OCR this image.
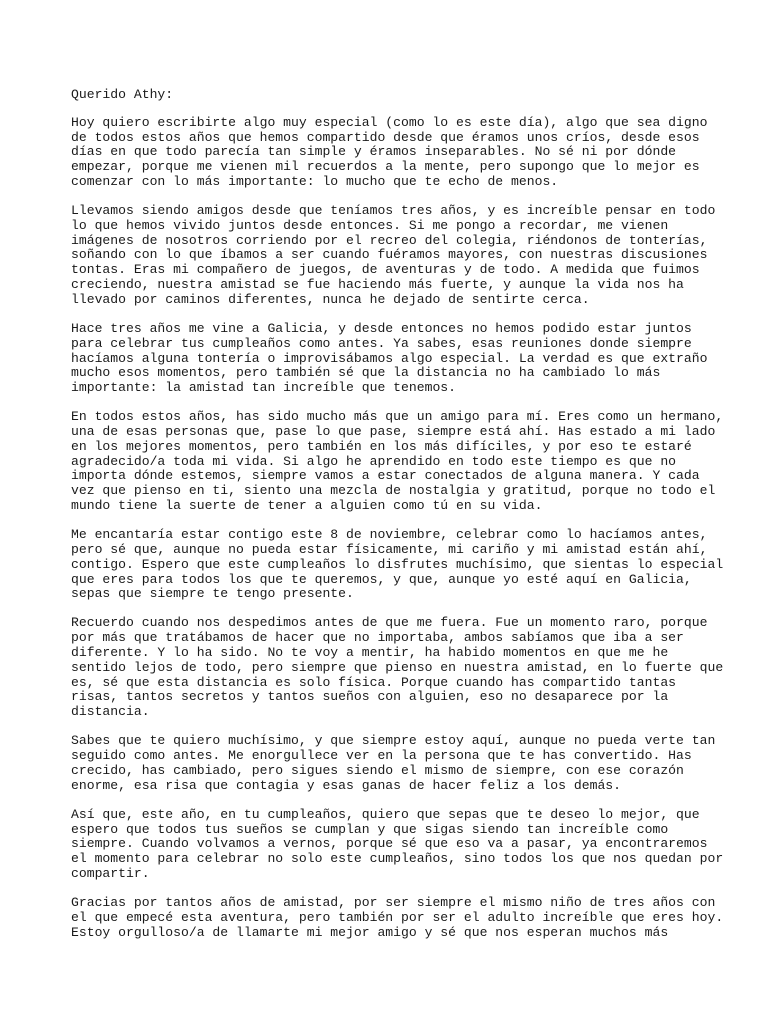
Querido Athy:
Hoy quiero escribirte algo muy especial (como lo es este día), algo que sea digno
de todos estos años que hemos compartido desde que éramos unos críos, desde esos
días en que todo parecía tan simple y éramos inseparables. No sé ni por dónde
empezar, porque me vienen mil recuerdos a la mente, pero supongo que lo mejor es
comenzar con lo más importante: lo mucho que te echo de menos.
Llevamos siendo amigos desde que teníamos tres años, y es increíble pensar en todo
lo que hemos vivido juntos desde entonces. Si me pongo a recordar, me vienen
imágenes de nosotros corriendo por el recreo del colegia, riéndonos de tonterías,
soñando con lo que íbamos a ser cuando fuéramos mayores, con nuestras discusiones
tontas. Eras mi compañero de juegos, de aventuras y de todo. A medida que fuimos
creciendo, nuestra amistad se fue haciendo más fuerte, y aunque la vida nos ha
llevado por caminos diferentes, nunca he dejado de sentirte cerca.
Hace tres años me vine a Galicia, y desde entonces no hemos podido estar juntos
para celebrar tus cumpleaños como antes. Ya sabes, esas reuniones donde siempre
hacíamos alguna tontería o improvisábamos algo especial. La verdad es que extraño
mucho esos momentos, pero también sé que la distancia no ha cambiado lo más
importante: la amistad tan increíble que tenemos.
En todos estos años, has sido mucho más que un amigo para mí. Eres como un hermano,
una de esas personas que, pase lo que pase, siempre está ahí. Has estado a mi lado
en los mejores momentos, pero también en los más difíciles, y por eso te estaré
agradecido/a toda mi vida. Si algo he aprendido en todo este tiempo es que no
importa dónde estemos, siempre vamos a estar conectados de alguna manera. Y cada
vez que pienso en ti, siento una mezcla de nostalgia y gratitud, porque no todo el
mundo tiene la suerte de tener a alguien como tú en su vida.
Me encantaría estar contigo este 8 de noviembre, celebrar como lo hacíamos antes,
pero sé que, aunque no pueda estar físicamente, mi cariño y mi amistad están ahí,
contigo. Espero que este cumpleaños lo disfrutes muchísimo, que sientas lo especial
que eres para todos los que te queremos, y que, aunque yo esté aquí en Galicia,
sepas que siempre te tengo presente.
Recuerdo cuando nos despedimos antes de que me fuera. Fue un momento raro, porque
por más que tratábamos de hacer que no importaba, ambos sabíamos que iba a ser
diferente. Y lo ha sido. No te voy a mentir, ha habido momentos en que me he
sentido lejos de todo, pero siempre que pienso en nuestra amistad, en lo fuerte que
es, sé que esta distancia es solo física. Porque cuando has compartido tantas
risas, tantos secretos y tantos sueños con alguien, eso no desaparece por la
distancia.
Sabes que te quiero muchísimo, y que siempre estoy aquí, aunque no pueda verte tan
seguido como antes. Me enorgullece ver en la persona que te has convertido. Has
crecido, has cambiado, pero sigues siendo el mismo de siempre, con ese corazón
enorme, esa risa que contagia y esas ganas de hacer feliz a los demás.
Así que, este año, en tu cumpleaños, quiero que sepas que te deseo lo mejor, que
espero que todos tus sueños se cumplan y que sigas siendo tan increíble como
siempre. Cuando volvamos a vernos, porque sé que eso va a pasar, ya encontraremos
el momento para celebrar no solo este cumpleaños, sino todos los que nos quedan por
compartir.
Gracias por tantos años de amistad, por ser siempre el mismo niño de tres años con
el que empecé esta aventura, pero también por ser el adulto increíble que eres hoy.
Estoy orgulloso/a de llamarte mi mejor amigo y sé que nos esperan muchos más
